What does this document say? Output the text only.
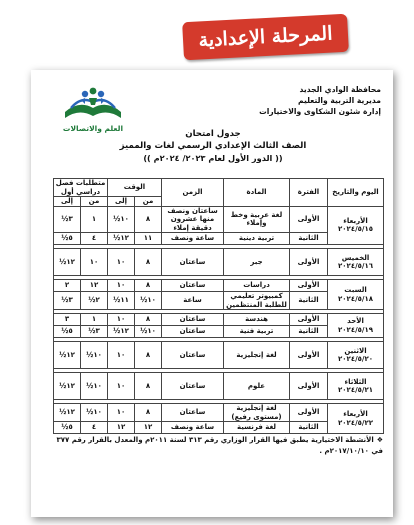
المرحلة الإعدادية
العلم والاتصالات
محافظة الوادي الجديد
مديرية التربية والتعليم
إدارة شئون الشكاوى والاختيارات
جدول امتحان
الصف الثالث الإعدادي الرسمي لغات والمميز
(( الدور الأول لعام ٢٠٢٣/ ٢٠٢٤م ))
اليوم والتاريخ	الفترة	المادة	الزمن	الوقت		متطلبات فصل دراسي أول	
				من	إلى	من	إلى

الأربعاء
٢٠٢٤/٥/١٥	الأولى	لغة عربية وخط وإملاء	ساعتان ونصف منها عشرون دقيقة إملاء	٨	١٠½	١	٣½
	الثانية	تربية دينية	ساعة ونصف	١١	١٢½	٤	٥½

الخميس
٢٠٢٤/٥/١٦	الأولى	جبر	ساعتان	٨	١٠	١٠	١٢½

السبت
٢٠٢٤/٥/١٨	الأولى	دراسات	ساعتان	٨	١٠	١٢	٢
	الثانية	كمبيوتر تعليمي للطلبة المنتظمين	ساعة	١٠½	١١½	٢½	٣½

الأحد
٢٠٢٤/٥/١٩	الأولى	هندسة	ساعتان	٨	١٠	١	٣
	الثانية	تربية فنية	ساعتان	١٠½	١٢½	٣½	٥½

الاثنين
٢٠٢٤/٥/٢٠	الأولى	لغة إنجليزية	ساعتان	٨	١٠	١٠½	١٢½

الثلاثاء
٢٠٢٤/٥/٢١	الأولى	علوم	ساعتان	٨	١٠	١٠½	١٢½

الأربعاء
٢٠٢٤/٥/٢٢	الأولى	لغة إنجليزية (مستوى رفيع)	ساعتان	٨	١٠	١٠½	١٢½
	الثانية	لغة فرنسية	ساعة ونصف	١٢	١٢	٤	٥½
❖الأنشطة الاختيارية يطبق فيها القرار الوزاري رقم ٣١٣ لسنة ٢٠١١م والمعدل بالقرار رقم ٣٧٧
في ٢٠١٧/١٠/١٠م .
